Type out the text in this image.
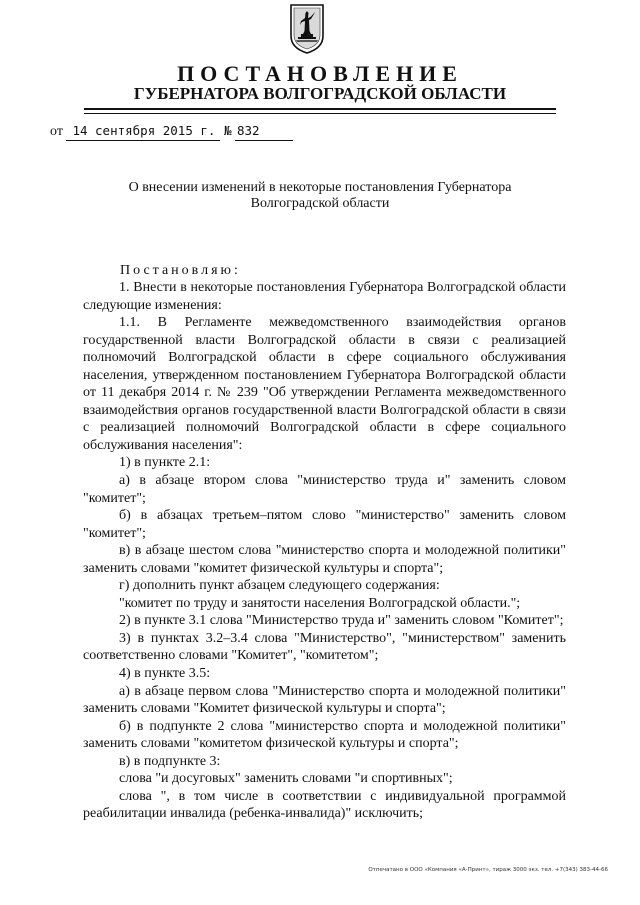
ПОСТАНОВЛЕНИЕ
ГУБЕРНАТОРА ВОЛГОГРАДСКОЙ ОБЛАСТИ
от 14 сентября 2015 г. № 832
О внесении изменений в некоторые постановления Губернатора Волгоградской области
Постановляю:

1. Внести в некоторые постановления Губернатора Волгоградской области следующие изменения:

1.1. В Регламенте межведомственного взаимодействия органов государственной власти Волгоградской области в связи с реализацией полномочий Волгоградской области в сфере социального обслуживания населения, утвержденном постановлением Губернатора Волгоградской области от 11 декабря 2014 г. № 239 "Об утверждении Регламента межведомственного взаимодействия органов государственной власти Волгоградской области в связи с реализацией полномочий Волгоградской области в сфере социального обслуживания населения":

1) в пункте 2.1:

а) в абзаце втором слова "министерство труда и" заменить словом "комитет";

б) в абзацах третьем–пятом слово "министерство" заменить словом "комитет";

в) в абзаце шестом слова "министерство спорта и молодежной политики" заменить словами "комитет физической культуры и спорта";

г) дополнить пункт абзацем следующего содержания:

"комитет по труду и занятости населения Волгоградской области.";

2) в пункте 3.1 слова "Министерство труда и" заменить словом "Комитет";

3) в пунктах 3.2–3.4 слова "Министерство", "министерством" заменить соответственно словами "Комитет", "комитетом";

4) в пункте 3.5:

а) в абзаце первом слова "Министерство спорта и молодежной политики" заменить словами "Комитет физической культуры и спорта";

б) в подпункте 2 слова "министерство спорта и молодежной политики" заменить словами "комитетом физической культуры и спорта";

в) в подпункте 3:

слова "и досуговых" заменить словами "и спортивных";

слова ", в том числе в соответствии с индивидуальной программой реабилитации инвалида (ребенка-инвалида)" исключить;

Отпечатано в ООО «Компания «А-Принт», тираж 3000 экз. тел. +7(343) 383-44-66
